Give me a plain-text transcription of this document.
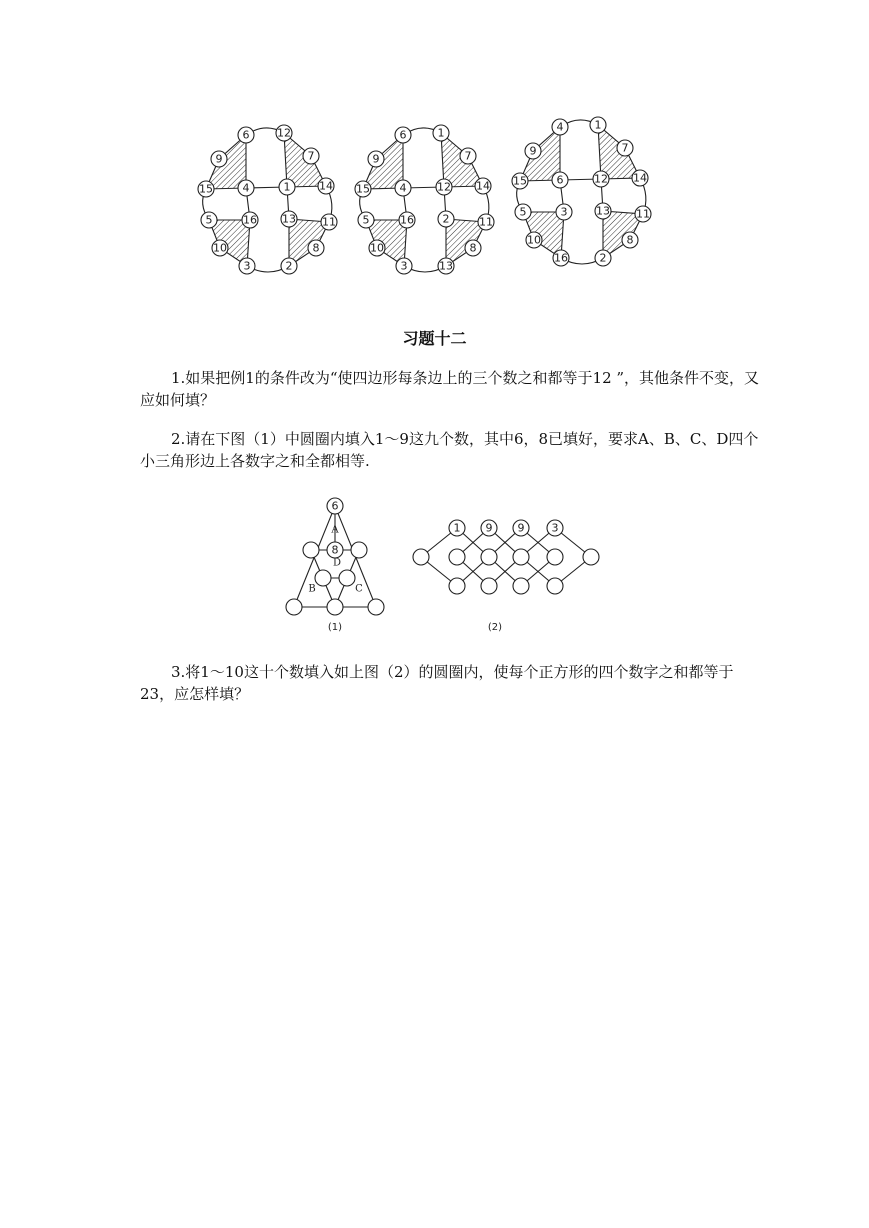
6	12
9	7
15	4	1	14
5	16 13 11
10	8
3	2
6	1
9	7
15	4	12 14
5	16	2	11
10	8
3	13
4	1
9	7
15	6	12 14
5	3	13 11
10	8
16	2
习题十二

1.如果把例1的条件改为“使四边形每条边上的三个数之和都等于12 ”，其他条件不变，又应如何填？

2.请在下图（1）中圆圈内填入1～9这九个数，其中6，8已填好，要求A、B、C、D四个小三角形边上各数字之和全都相等.

A
B	C
D
6
8
(1)
1 9 9 3
(2)

3.将1～10这十个数填入如上图（2）的圆圈内，使每个正方形的四个数字之和都等于23，应怎样填？
